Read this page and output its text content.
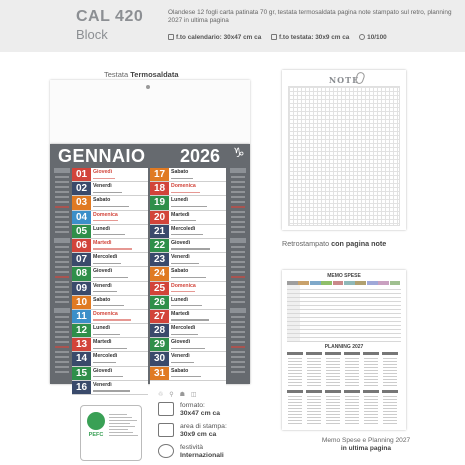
CAL 420
Block
Olandese 12 fogli carta patinata 70 gr, testata termosaldata pagina note stampato sul retro, planning 2027 in ultima pagina
f.to calendario: 30x47 cm ca	f.to testata: 30x9 cm ca	10/100
Testata Termosaldata
GENNAIO 2026 ♑
01	Giovedì
02	Venerdì
03	Sabato
04	Domenica
05	Lunedì
06	Martedì
07	Mercoledì
08	Giovedì
09	Venerdì
10	Sabato
11	Domenica
12	Lunedì
13	Martedì
14	Mercoledì
15	Giovedì
16	Venerdì
17	Sabato
18	Domenica
19	Lunedì
20	Martedì
21	Mercoledì
22	Giovedì
23	Venerdì
24	Sabato
25	Domenica
26	Lunedì
27	Martedì
28	Mercoledì
29	Giovedì
30	Venerdì
31	Sabato
♲ ⚲ ☗ ◫
PEFC
formato:
30x47 cm ca
area di stampa:
30x9 cm ca
festività
Internazionali
NOTE
Retrostampato con pagina note
MEMO SPESE
PLANNING 2027
Memo Spese e Planning 2027
in ultima pagina
